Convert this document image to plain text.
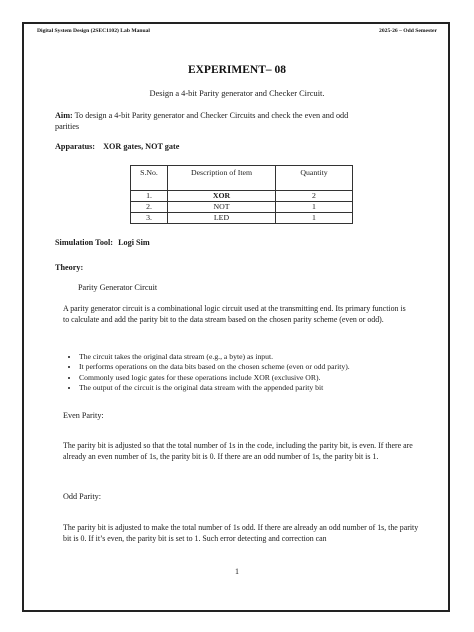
Digital System Design (2SEC1102) Lab Manual	2025-26 – Odd Semester
EXPERIMENT– 08
Design a 4-bit Parity generator and Checker Circuit.
Aim: To design a 4-bit Parity generator and Checker Circuits and check the even and odd parities
Apparatus: XOR gates, NOT gate
S.No.	Description of Item	Quantity
1.	XOR	2
2.	NOT	1
3.	LED	1
Simulation Tool: Logi Sim
Theory:
Parity Generator Circuit
A parity generator circuit is a combinational logic circuit used at the transmitting end. Its primary function is to calculate and add the parity bit to the data stream based on the chosen parity scheme (even or odd).
• The circuit takes the original data stream (e.g., a byte) as input.
• It performs operations on the data bits based on the chosen scheme (even or odd parity).
• Commonly used logic gates for these operations include XOR (exclusive OR).
• The output of the circuit is the original data stream with the appended parity bit
Even Parity:
The parity bit is adjusted so that the total number of 1s in the code, including the parity bit, is even. If there are already an even number of 1s, the parity bit is 0. If there are an odd number of 1s, the parity bit is 1.
Odd Parity:
The parity bit is adjusted to make the total number of 1s odd. If there are already an odd number of 1s, the parity bit is 0. If it’s even, the parity bit is set to 1. Such error detecting and correction can
1
